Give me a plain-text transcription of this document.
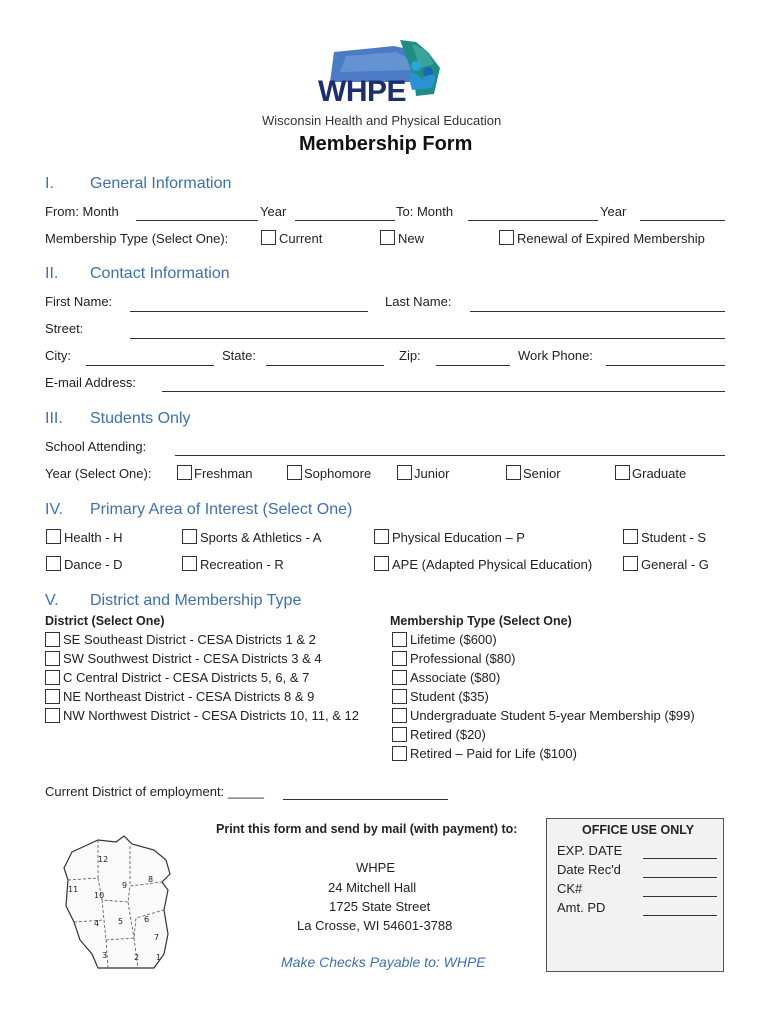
WHPE
Wisconsin Health and Physical Education
Membership Form
I. General Information
From: Month	Year	To: Month	Year
Membership Type (Select One):	Current	New	Renewal of Expired Membership
II. Contact Information
First Name:	Last Name:
Street:
City:	State:	Zip:	Work Phone:
E-mail Address:
III. Students Only
School Attending:
Year (Select One):	Freshman	Sophomore	Junior	Senior	Graduate
IV. Primary Area of Interest (Select One)
Health - H	Sports & Athletics - A	Physical Education – P	Student - S
Dance - D	Recreation - R	APE (Adapted Physical Education)	General - G
V. District and Membership Type
District (Select One)
SE Southeast District - CESA Districts 1 & 2
SW Southwest District - CESA Districts 3 & 4
C Central District - CESA Districts 5, 6, & 7
NE Northeast District - CESA Districts 8 & 9
NW Northwest District - CESA Districts 10, 11, & 12
Membership Type (Select One)
Lifetime ($600)
Professional ($80)
Associate ($80)
Student ($35)
Undergraduate Student 5-year Membership ($99)
Retired ($20)
Retired – Paid for Life ($100)
Current District of employment: _____
12
9
11
8
10
5	6
4
7
3	2 1
Print this form and send by mail (with payment) to:
WHPE
24 Mitchell Hall
1725 State Street
La Crosse, WI 54601-3788
Make Checks Payable to: WHPE
OFFICE USE ONLY
EXP. DATE
Date Rec'd
CK#
Amt. PD
